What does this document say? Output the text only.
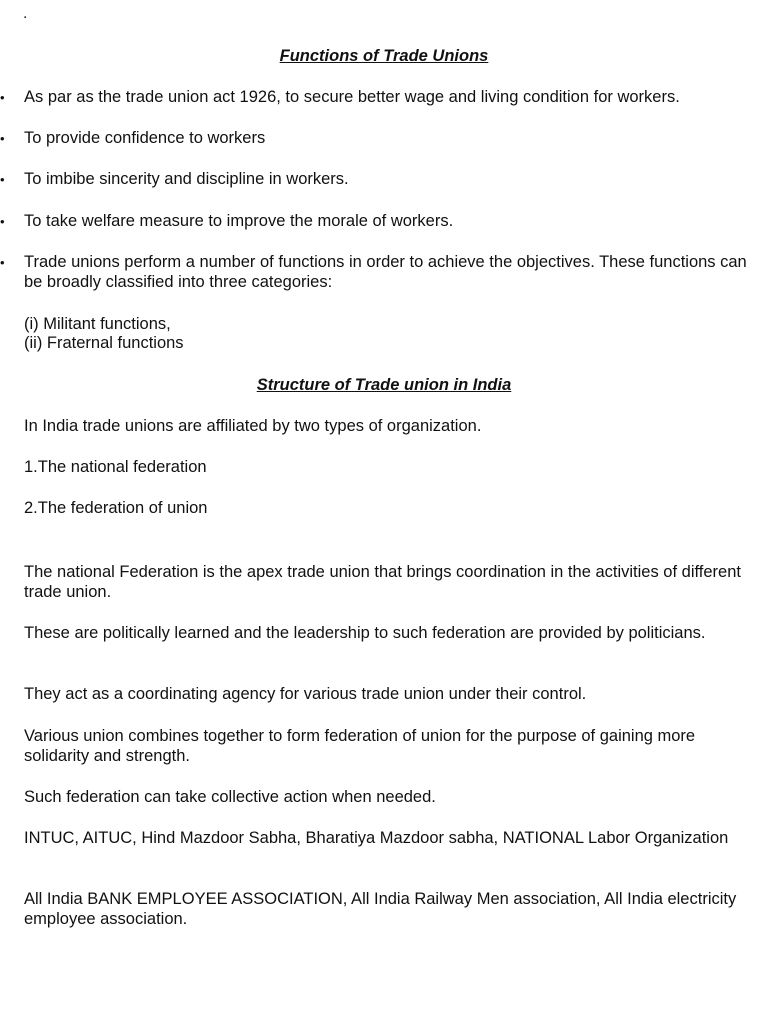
.
Functions of Trade Unions
•	As par as the trade union act 1926, to secure better wage and living condition for workers.
•	To provide confidence to workers
•	To imbibe sincerity and discipline in workers.
•	To take welfare measure to improve the morale of workers.
•	Trade unions perform a number of functions in order to achieve the objectives. These functions can be broadly classified into three categories:
(i) Militant functions,
(ii) Fraternal functions
Structure of Trade union in India
In India trade unions are affiliated by two types of organization.
1.The national federation
2.The federation of union
The national Federation is the apex trade union that brings coordination in the activities of different trade union.
These are politically learned and the leadership to such federation are provided by politicians.
They act as a coordinating agency for various trade union under their control.
Various union combines together to form federation of union for the purpose of gaining more solidarity and strength.
Such federation can take collective action when needed.
INTUC, AITUC, Hind Mazdoor Sabha, Bharatiya Mazdoor sabha, NATIONAL Labor Organization
All India BANK EMPLOYEE ASSOCIATION, All India Railway Men association, All India electricity employee association.
